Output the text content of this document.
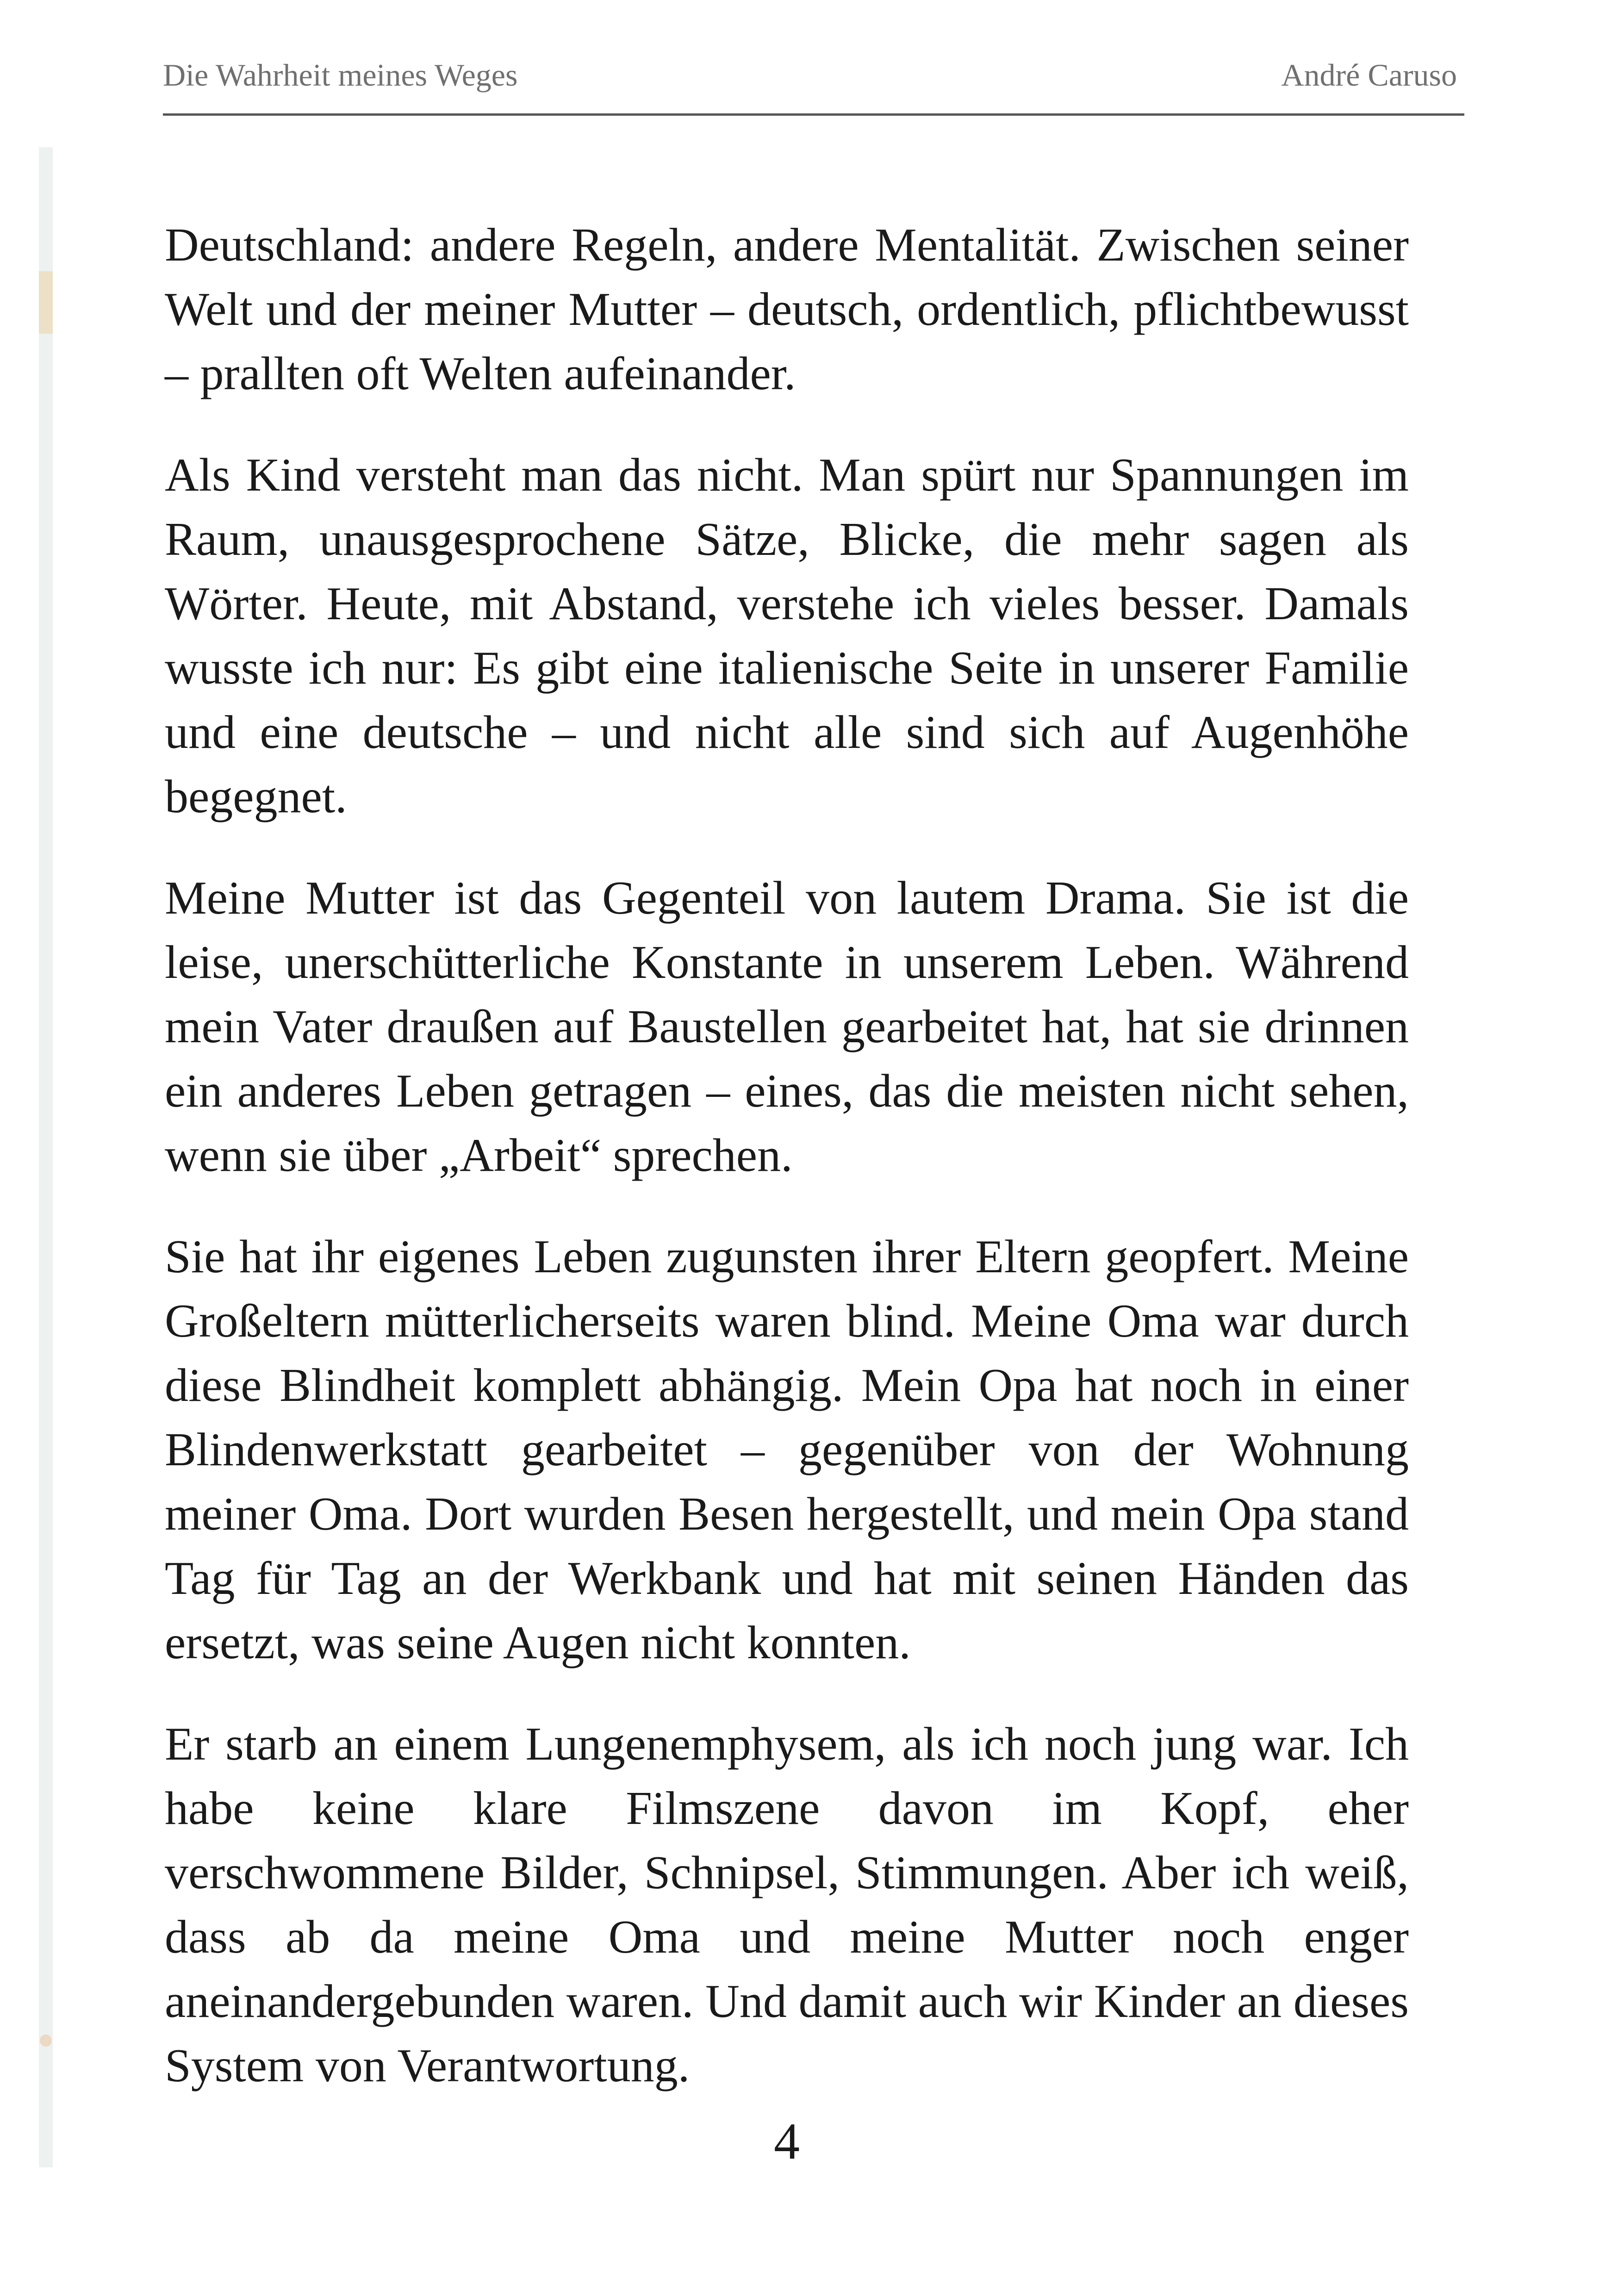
Die Wahrheit meines Weges	André Caruso

Deutschland: andere Regeln, andere Mentalität. Zwischen seiner Welt und der meiner Mutter – deutsch, ordentlich, pflichtbewusst – prallten oft Welten aufeinander.

Als Kind versteht man das nicht. Man spürt nur Spannungen im Raum, unausgesprochene Sätze, Blicke, die mehr sagen als Wörter. Heute, mit Abstand, verstehe ich vieles besser. Damals wusste ich nur: Es gibt eine italienische Seite in unserer Familie und eine deutsche – und nicht alle sind sich auf Augenhöhe begegnet.

Meine Mutter ist das Gegenteil von lautem Drama. Sie ist die leise, unerschütterliche Konstante in unserem Leben. Während mein Vater draußen auf Baustellen gearbeitet hat, hat sie drinnen ein anderes Leben getragen – eines, das die meisten nicht sehen, wenn sie über „Arbeit“ sprechen.

Sie hat ihr eigenes Leben zugunsten ihrer Eltern geopfert. Meine Großeltern mütterlicherseits waren blind. Meine Oma war durch diese Blindheit komplett abhängig. Mein Opa hat noch in einer Blindenwerkstatt gearbeitet – gegenüber von der Wohnung meiner Oma. Dort wurden Besen hergestellt, und mein Opa stand Tag für Tag an der Werkbank und hat mit seinen Händen das ersetzt, was seine Augen nicht konnten.

Er starb an einem Lungenemphysem, als ich noch jung war. Ich habe keine klare Filmszene davon im Kopf, eher verschwommene Bilder, Schnipsel, Stimmungen. Aber ich weiß, dass ab da meine Oma und meine Mutter noch enger aneinandergebunden waren. Und damit auch wir Kinder an dieses System von Verantwortung.

4
